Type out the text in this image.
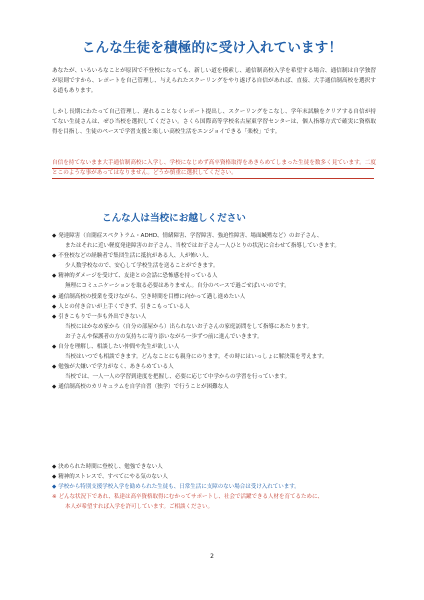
こんな生徒を積極的に受け入れています！

あなたが、いろいろなことが原因で不登校になっても、新しい道を模索し、通信制高校入学を希望する場合、通信制は自学独習が原則ですから、レポートを自己管理し、与えられたスクーリングをやり遂げる自信があれば、直接、大手通信制高校を選択する道もあります。

しかし長期にわたって自己管理し、遅れることなくレポート提出し、スクーリングをこなし、学年末試験をクリアする自信が持てない生徒さんは、ぜひ当校を選択してください。さくら国際高等学校名古屋東学習センターは、個人指導方式で確実に資格取得を目指し、生徒のペースで学習支援と楽しい高校生活をエンジョイできる「楽校」です。

自信を持てないまま大手通信制高校に入学し、学校になじめず高卒資格取得をあきらめてしまった生徒を数多く見ています。二度とこのような事があってはなりません。どうか慎重に選択してください。

こんな人は当校にお越しください
◆ 発達障害（自閉症スペクトラム・ADHD、情緒障害、学習障害、強迫性障害、場面緘黙など）のお子さん、
またはそれに近い軽度発達障害のお子さん、当校ではお子さん一人ひとりの状況に合わせて指導していきます。
◆ 不登校などの経験者で集団生活に抵抗がある人、人が怖い人、
少人数学校なので、安心して学校生活を送ることができます。
◆ 精神的ダメージを受けて、友達との会話に恐怖感を持っている人
無理にコミュニケーションを取る必要はありません。自分のペースで過ごせばいいのです。
◆ 通信制高校の授業を受けながら、空き時間を目標に向かって邁し進めたい人
◆ 人との付き合いが上手くできず、引きこもっている人
◆ 引きこもりで一歩も外出できない人
当校にはかなめ家から（自分の部屋から）出られないお子さんの家庭訪問をして指導にあたります。
お子さんや保護者の方の気持ちに寄り添いながら一歩ずつ前に進んでいきます。
◆ 自分を理解し、相談したい仲間や先生が欲しい人
当校はいつでも相談できます。どんなことにも親身にのります。その時にはいっしょに解決策を考えます。
◆ 勉強が大嫌いで学力がなく、あきらめている人
当校では、一人一人の学習到達度を把握し、必要に応じて中学からの学習を行っています。
◆ 通信制高校のカリキュラムを自学自習（独学）で行うことが困難な人
◆ 決められた時間に登校し、勉強できない人
◆ 精神的ストレスで、すべてにやる気のない人
◆ 学校から特別支援学校入学を勧められた生徒も、日常生活に支障のない場合は受け入れています。
※ どんな状況下であれ、私達は高卒資格取得にむかってサポートし、社会で活躍できる人材を育てるために、
本人が希望すれば入学を許可しています。ご相談ください。
2
